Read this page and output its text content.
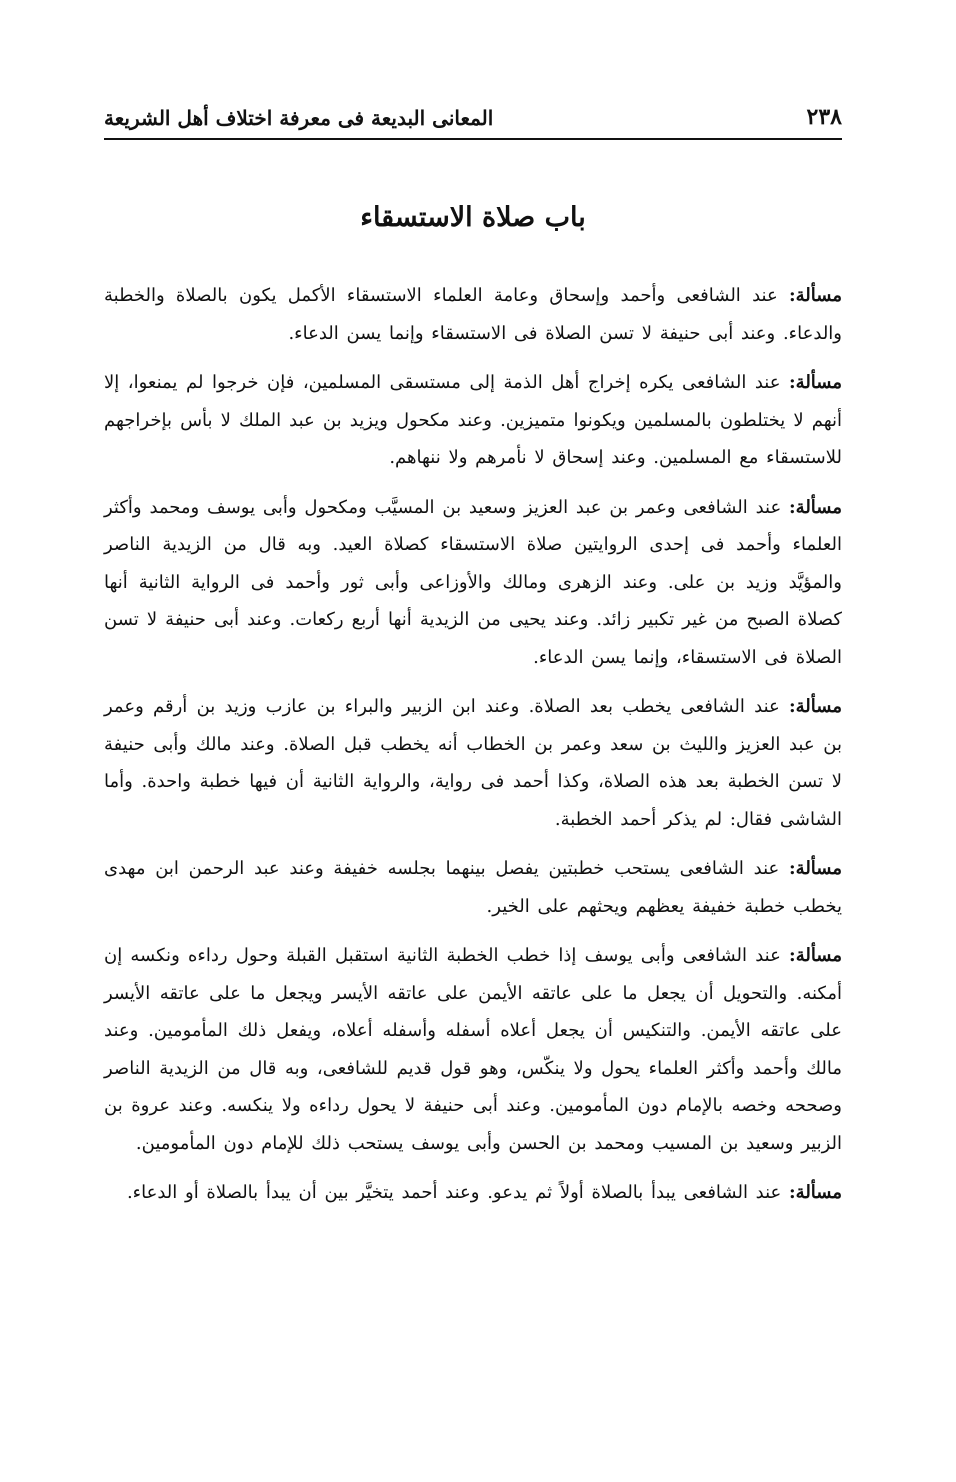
٢٣٨
المعانى البديعة فى معرفة اختلاف أهل الشريعة
باب صلاة الاستسقاء

مسألة: عند الشافعى وأحمد وإسحاق وعامة العلماء الاستسقاء الأكمل يكون بالصلاة والخطبة والدعاء. وعند أبى حنيفة لا تسن الصلاة فى الاستسقاء وإنما يسن الدعاء.

مسألة: عند الشافعى يكره إخراج أهل الذمة إلى مستسقى المسلمين، فإن خرجوا لم يمنعوا، إلا أنهم لا يختلطون بالمسلمين ويكونوا متميزين. وعند مكحول ويزيد بن عبد الملك لا بأس بإخراجهم للاستسقاء مع المسلمين. وعند إسحاق لا نأمرهم ولا ننهاهم.

مسألة: عند الشافعى وعمر بن عبد العزيز وسعيد بن المسيَّب ومكحول وأبى يوسف ومحمد وأكثر العلماء وأحمد فى إحدى الروايتين صلاة الاستسقاء كصلاة العيد. وبه قال من الزيدية الناصر والمؤيَّد وزيد بن على. وعند الزهرى ومالك والأوزاعى وأبى ثور وأحمد فى الرواية الثانية أنها كصلاة الصبح من غير تكبير زائد. وعند يحيى من الزيدية أنها أربع ركعات. وعند أبى حنيفة لا تسن الصلاة فى الاستسقاء، وإنما يسن الدعاء.

مسألة: عند الشافعى يخطب بعد الصلاة. وعند ابن الزبير والبراء بن عازب وزيد بن أرقم وعمر بن عبد العزيز والليث بن سعد وعمر بن الخطاب أنه يخطب قبل الصلاة. وعند مالك وأبى حنيفة لا تسن الخطبة بعد هذه الصلاة، وكذا أحمد فى رواية، والرواية الثانية أن فيها خطبة واحدة. وأما الشاشى فقال: لم يذكر أحمد الخطبة.

مسألة: عند الشافعى يستحب خطبتين يفصل بينهما بجلسه خفيفة وعند عبد الرحمن ابن مهدى يخطب خطبة خفيفة يعظهم ويحثهم على الخير.

مسألة: عند الشافعى وأبى يوسف إذا خطب الخطبة الثانية استقبل القبلة وحول رداءه ونكسه إن أمكنه. والتحويل أن يجعل ما على عاتقه الأيمن على عاتقه الأيسر ويجعل ما على عاتقه الأيسر على عاتقه الأيمن. والتنكيس أن يجعل أعلاه أسفله وأسفله أعلاه، ويفعل ذلك المأمومين. وعند مالك وأحمد وأكثر العلماء يحول ولا ينكّس، وهو قول قديم للشافعى، وبه قال من الزيدية الناصر وصححه وخصه بالإمام دون المأمومين. وعند أبى حنيفة لا يحول رداءه ولا ينكسه. وعند عروة بن الزبير وسعيد بن المسيب ومحمد بن الحسن وأبى يوسف يستحب ذلك للإمام دون المأمومين.

مسألة: عند الشافعى يبدأ بالصلاة أولاً ثم يدعو. وعند أحمد يتخيَّر بين أن يبدأ بالصلاة أو الدعاء.
